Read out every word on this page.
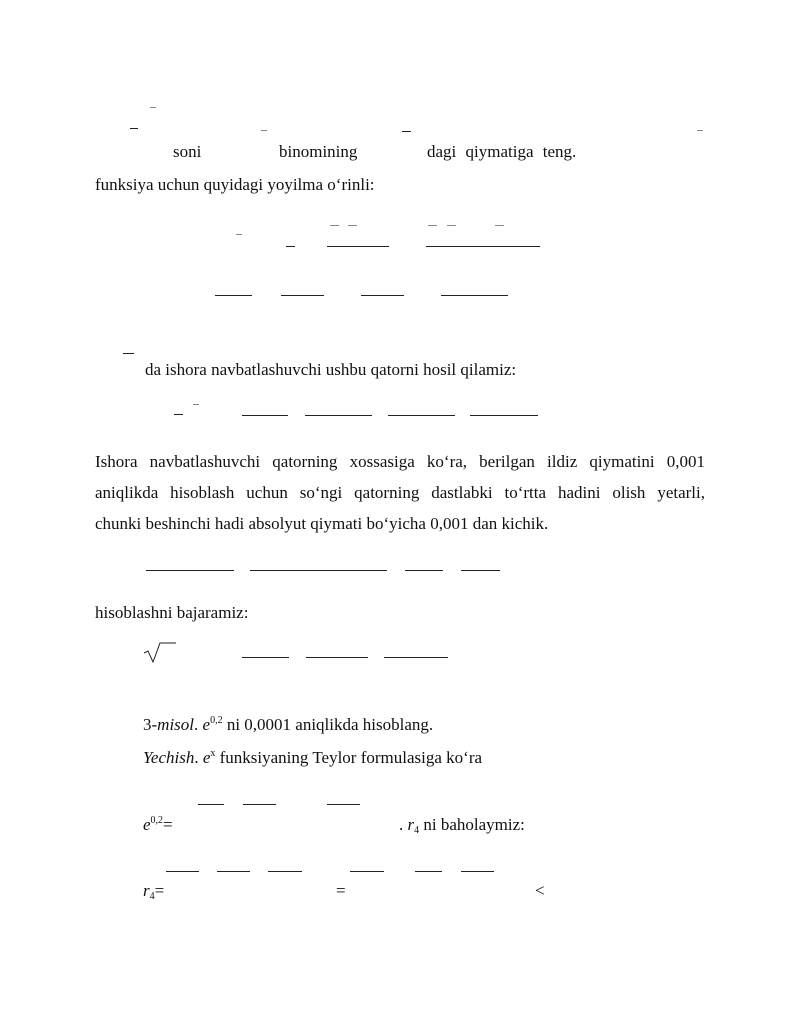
soni	binomining	dagi qiymatiga teng.
funksiya uchun quyidagi yoyilma o‘rinli:
da ishora navbatlashuvchi ushbu qatorni hosil qilamiz:
Ishora navbatlashuvchi qatorning xossasiga ko‘ra, berilgan ildiz qiymatini 0,001
aniqlikda hisoblash uchun so‘ngi qatorning dastlabki to‘rtta hadini olish yetarli,
chunki beshinchi hadi absolyut qiymati bo‘yicha 0,001 dan kichik.
hisoblashni bajaramiz:
3-misol. $e^{0,2}$ ni 0,0001 aniqlikda hisoblang.
Yechish. $e^x$ funksiyaning Teylor formulasiga ko‘ra
$e^{0,2}=$	. $r_4$ ni baholaymiz:
$r_4=$	=	<
